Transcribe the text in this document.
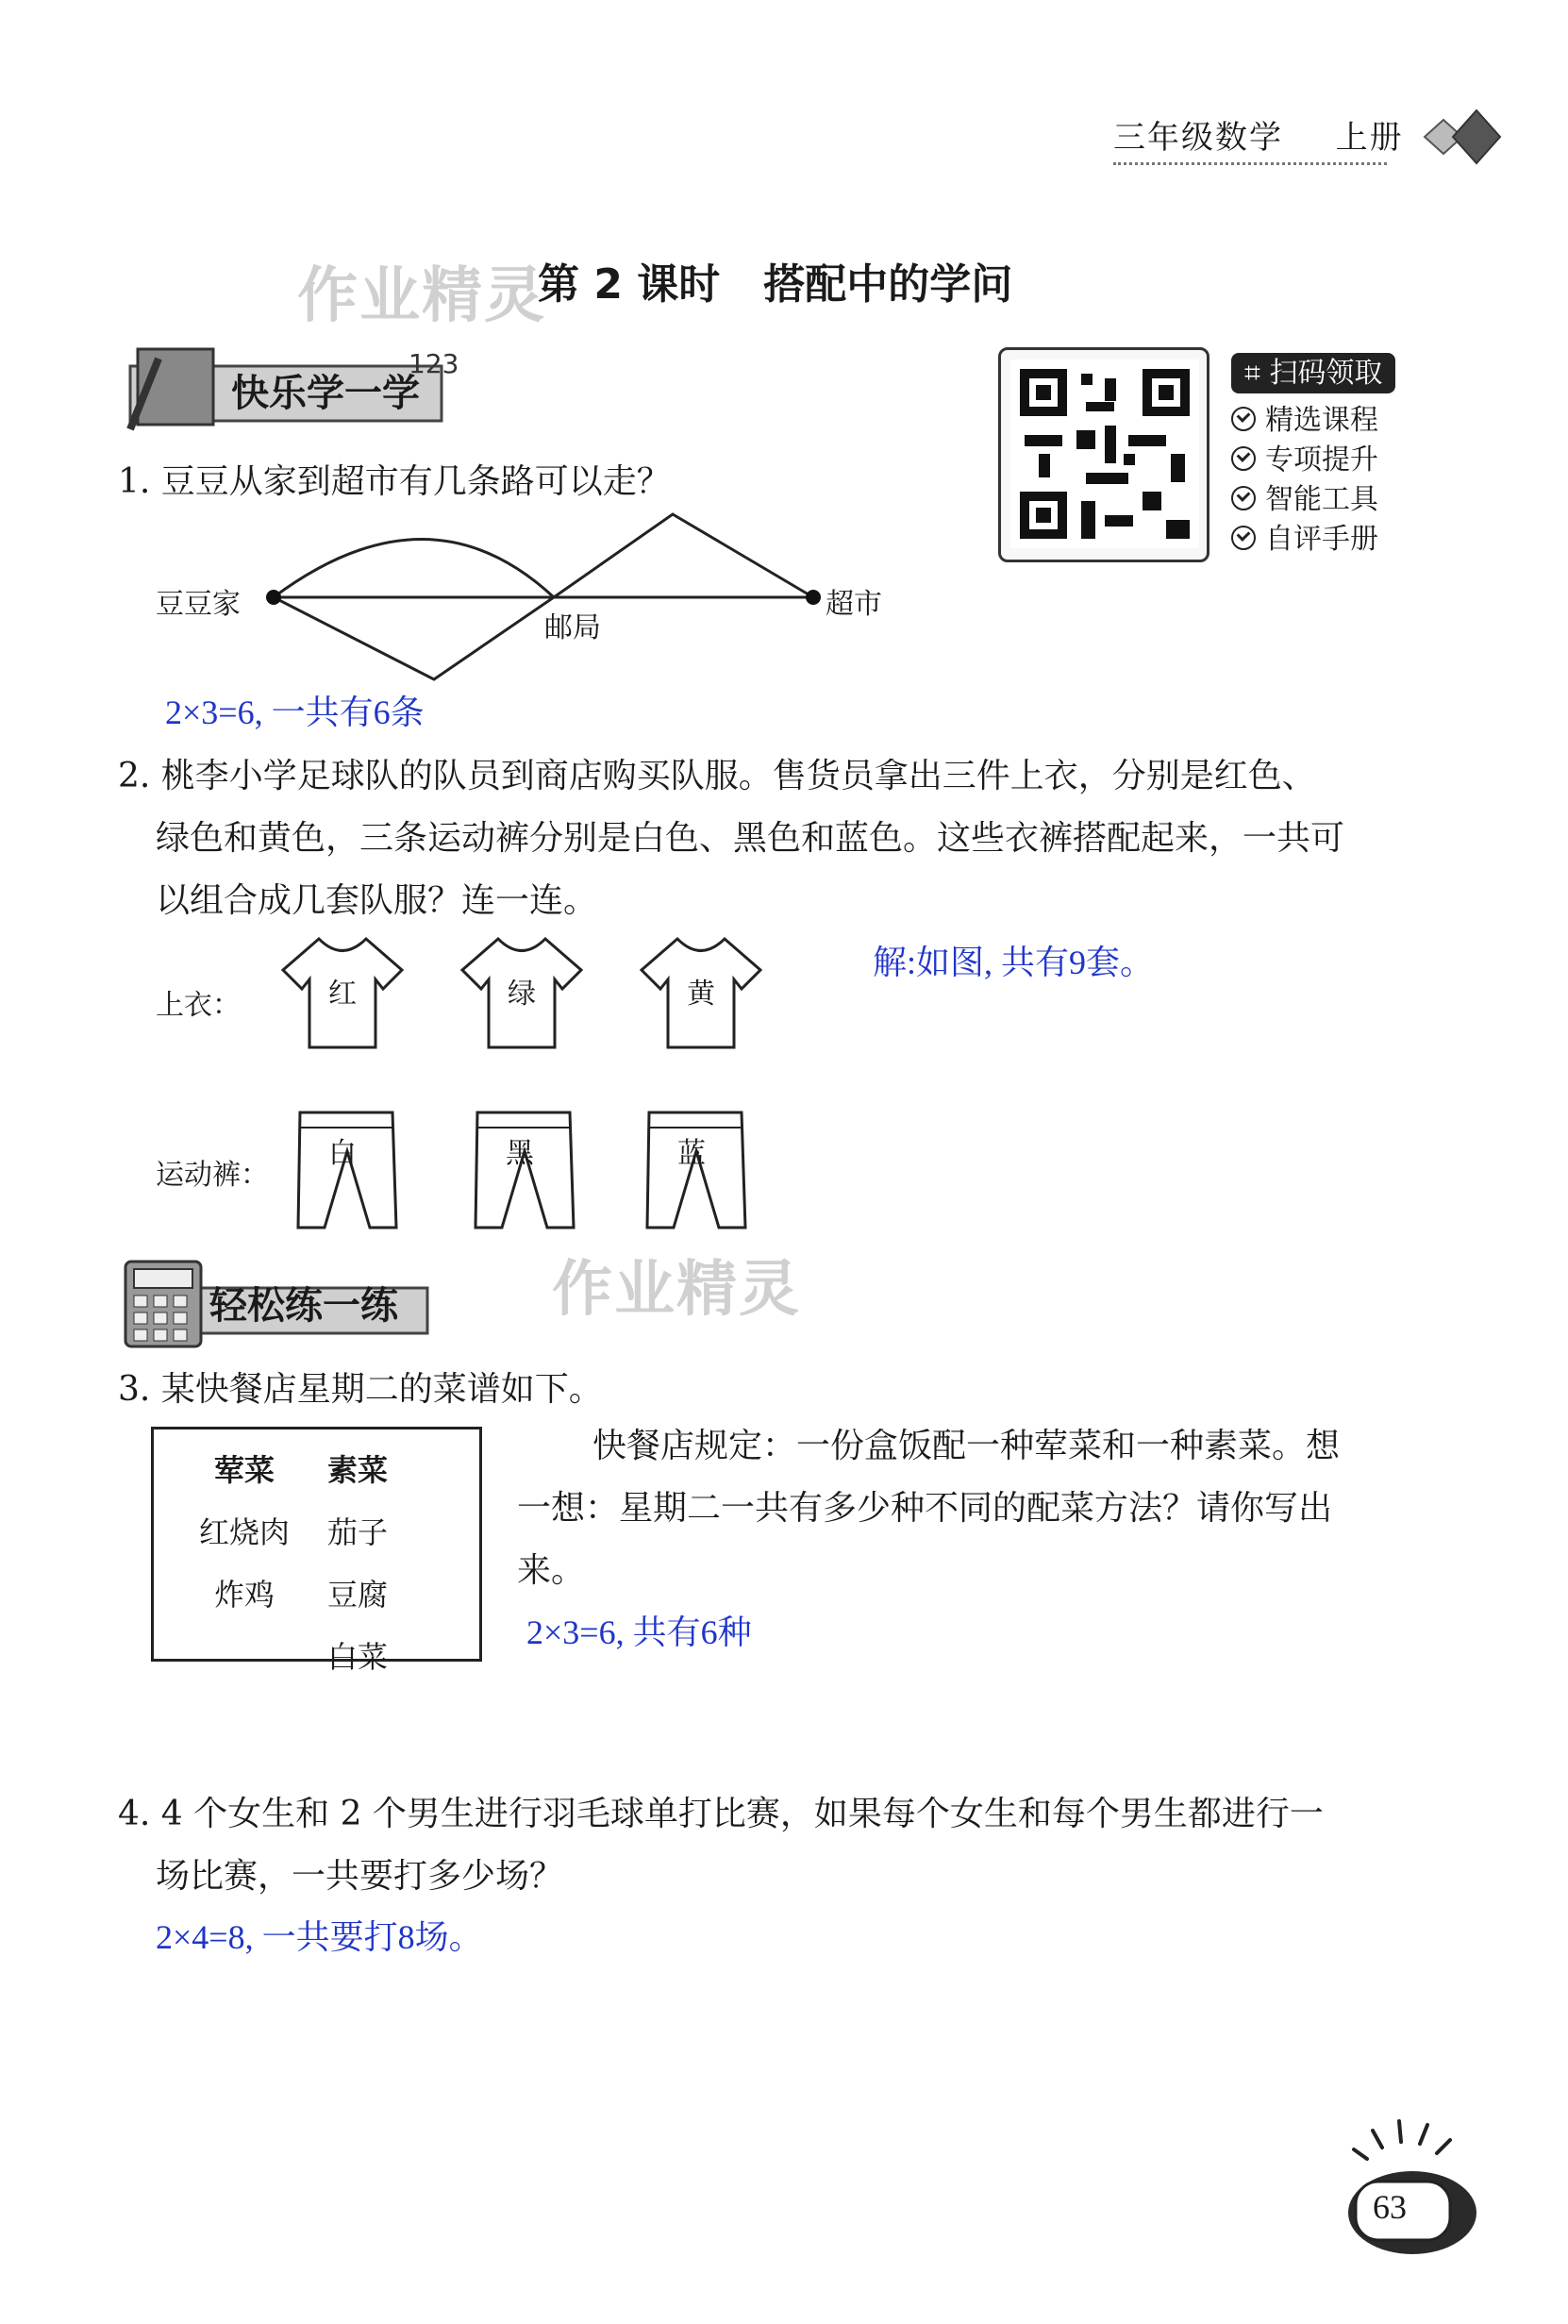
三年级数学 上册
作业精灵
第 2 课时   搭配中的学问
123
快乐学一学	⌗ 扫码领取
精选课程
专项提升
智能工具
自评手册
1. 豆豆从家到超市有几条路可以走？
豆豆家
邮局
超市
2×3=6, 一共有6条
2. 桃李小学足球队的队员到商店购买队服。售货员拿出三件上衣，分别是红色、
绿色和黄色，三条运动裤分别是白色、黑色和蓝色。这些衣裤搭配起来，一共可
以组合成几套队服？连一连。
解:如图, 共有9套。
上衣：	红	绿	黄
运动裤：
白	黑	蓝
轻松练一练	作业精灵
3. 某快餐店星期二的菜谱如下。
荤菜	素菜
红烧肉	茄子
炸鸡	豆腐
	白菜
快餐店规定：一份盒饭配一种荤菜和一种素菜。想
一想：星期二一共有多少种不同的配菜方法？请你写出
来。
2×3=6, 共有6种
4. 4 个女生和 2 个男生进行羽毛球单打比赛，如果每个女生和每个男生都进行一
场比赛，一共要打多少场？
2×4=8, 一共要打8场。
63
